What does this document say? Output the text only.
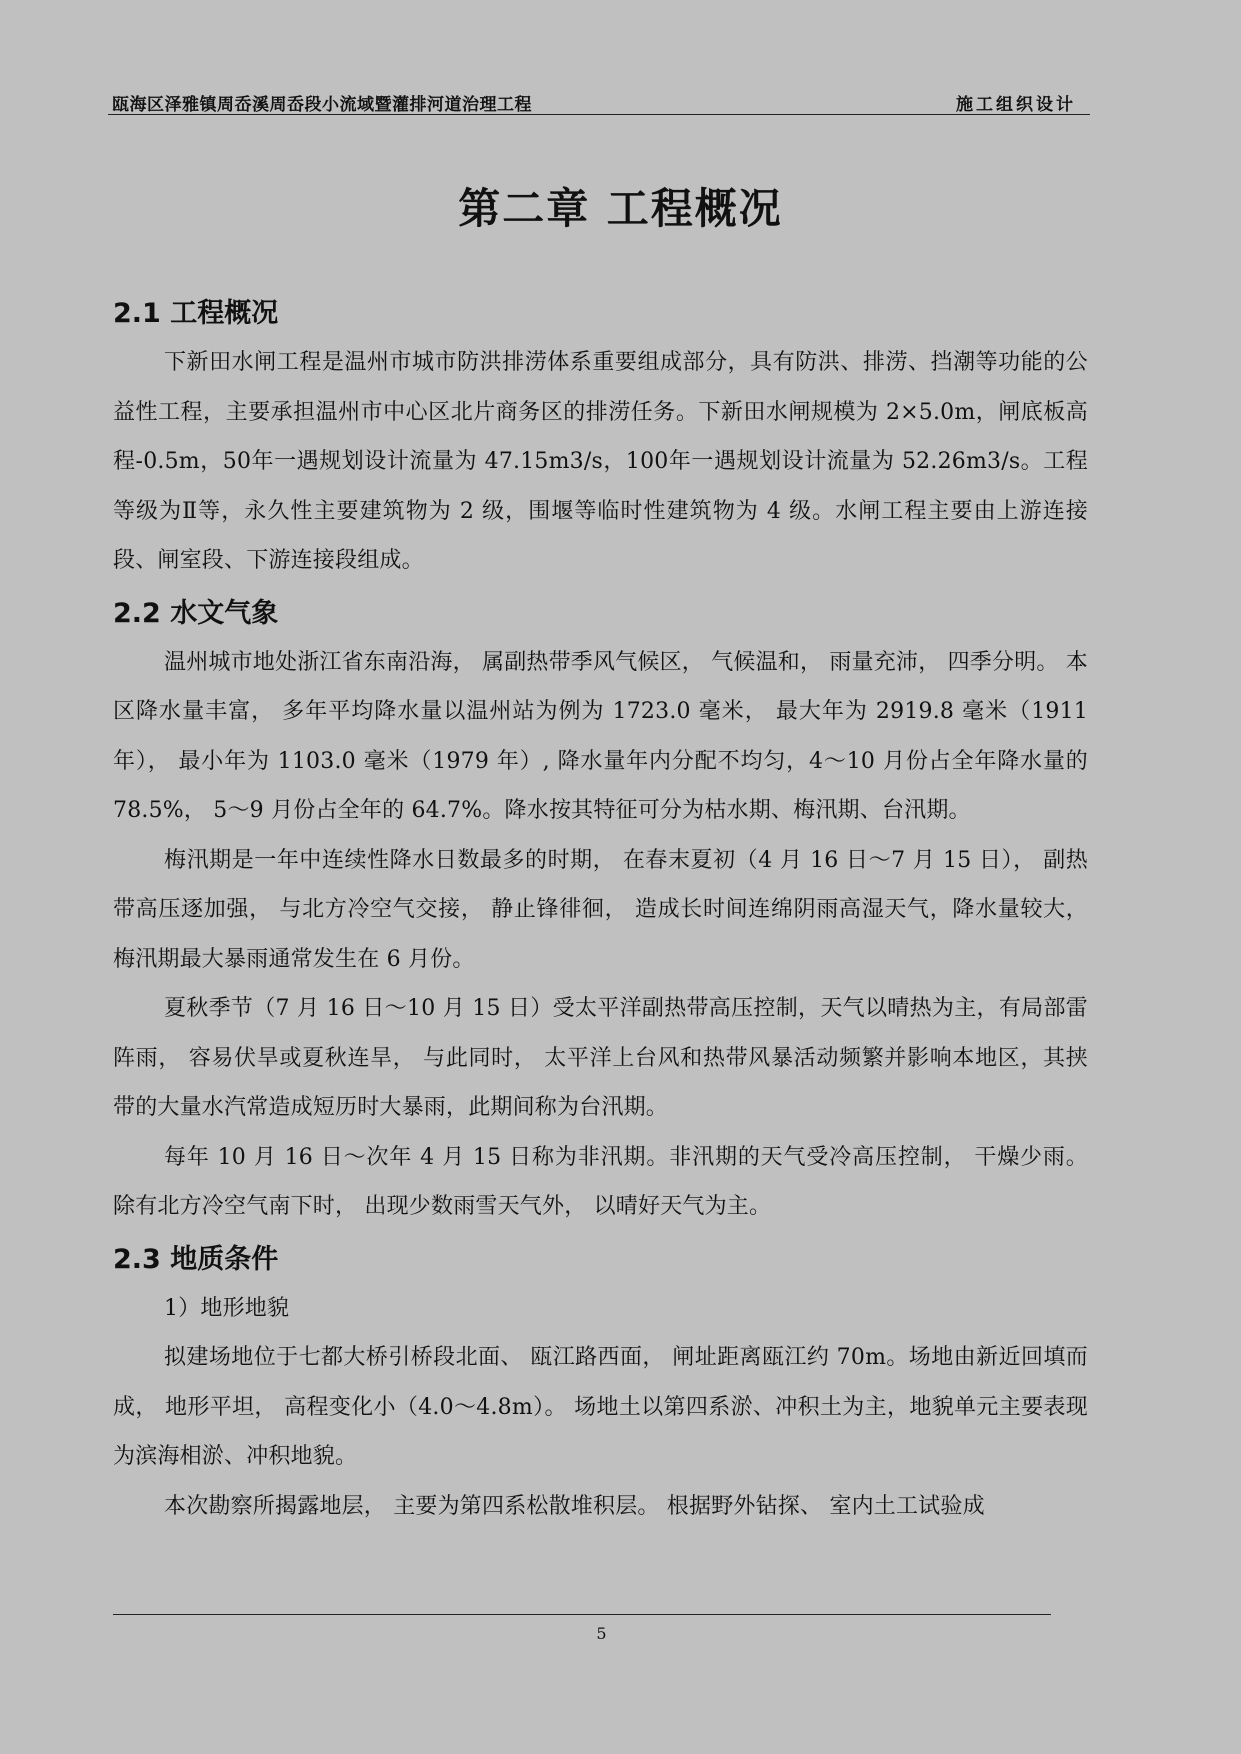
瓯海区泽雅镇周岙溪周岙段小流域暨灌排河道治理工程	施工组织设计
第二章 工程概况
2.1 工程概况

下新田水闸工程是温州市城市防洪排涝体系重要组成部分，具有防洪、排涝、挡潮等功能的公益性工程，主要承担温州市中心区北片商务区的排涝任务。下新田水闸规模为 2×5.0m，闸底板高程-0.5m，50年一遇规划设计流量为 47.15m3/s，100年一遇规划设计流量为 52.26m3/s。工程等级为Ⅱ等，永久性主要建筑物为 2 级，围堰等临时性建筑物为 4 级。水闸工程主要由上游连接段、闸室段、下游连接段组成。

2.2 水文气象

温州城市地处浙江省东南沿海， 属副热带季风气候区， 气候温和， 雨量充沛， 四季分明。 本区降水量丰富， 多年平均降水量以温州站为例为 1723.0 毫米， 最大年为 2919.8 毫米（1911 年）， 最小年为 1103.0 毫米（1979 年）, 降水量年内分配不均匀，4～10 月份占全年降水量的 78.5%， 5～9 月份占全年的 64.7%。降水按其特征可分为枯水期、梅汛期、台汛期。

梅汛期是一年中连续性降水日数最多的时期， 在春末夏初（4 月 16 日～7 月 15 日）， 副热带高压逐加强， 与北方冷空气交接， 静止锋徘徊， 造成长时间连绵阴雨高湿天气，降水量较大，梅汛期最大暴雨通常发生在 6 月份。

夏秋季节（7 月 16 日～10 月 15 日）受太平洋副热带高压控制，天气以晴热为主，有局部雷阵雨， 容易伏旱或夏秋连旱， 与此同时， 太平洋上台风和热带风暴活动频繁并影响本地区，其挟带的大量水汽常造成短历时大暴雨，此期间称为台汛期。

每年 10 月 16 日～次年 4 月 15 日称为非汛期。非汛期的天气受冷高压控制， 干燥少雨。 除有北方冷空气南下时， 出现少数雨雪天气外， 以晴好天气为主。

2.3 地质条件

1）地形地貌

拟建场地位于七都大桥引桥段北面、 瓯江路西面， 闸址距离瓯江约 70m。场地由新近回填而成， 地形平坦， 高程变化小（4.0～4.8m）。 场地土以第四系淤、冲积土为主，地貌单元主要表现为滨海相淤、冲积地貌。

本次勘察所揭露地层， 主要为第四系松散堆积层。 根据野外钻探、 室内土工试验成

5
